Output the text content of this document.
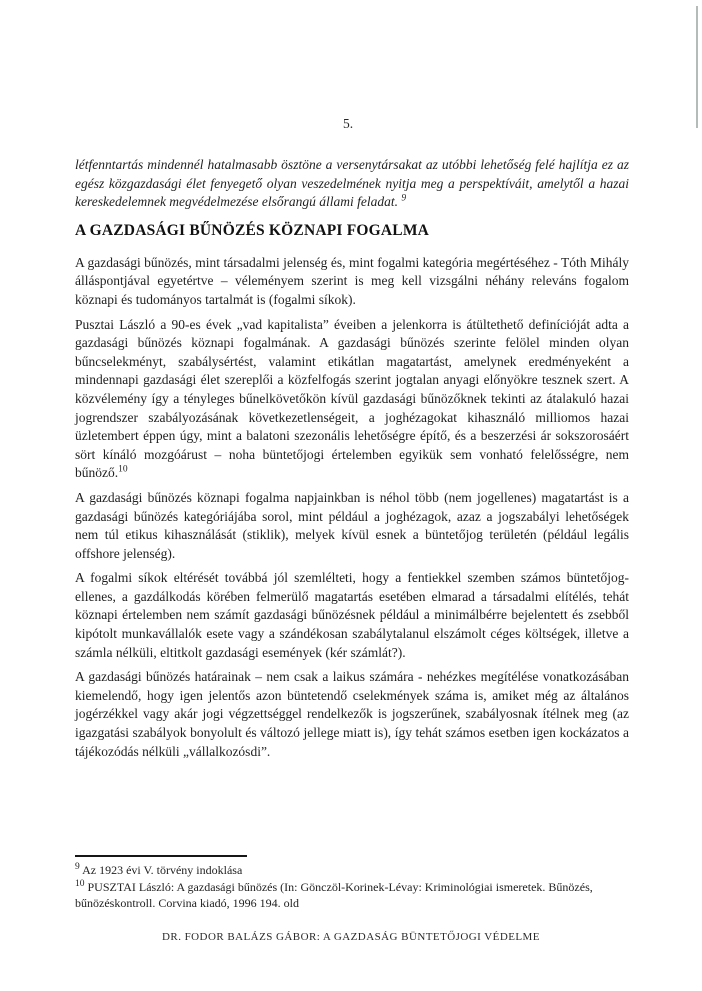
5.

létfenntartás mindennél hatalmasabb ösztöne a versenytársakat az utóbbi lehetőség felé hajlítja ez az egész közgazdasági élet fenyegető olyan veszedelmének nyitja meg a perspektíváit, amelytől a hazai kereskedelemnek megvédelmezése elsőrangú állami feladat. $^9$

A GAZDASÁGI BŰNÖZÉS KÖZNAPI FOGALMA

A gazdasági bűnözés, mint társadalmi jelenség és, mint fogalmi kategória megértéséhez - Tóth Mihály álláspontjával egyetértve – véleményem szerint is meg kell vizsgálni néhány releváns fogalom köznapi és tudományos tartalmát is (fogalmi síkok).

Pusztai László a 90-es évek „vad kapitalista” éveiben a jelenkorra is átültethető definícióját adta a gazdasági bűnözés köznapi fogalmának. A gazdasági bűnözés szerinte felölel minden olyan bűncselekményt, szabálysértést, valamint etikátlan magatartást, amelynek eredményeként a mindennapi gazdasági élet szereplői a közfelfogás szerint jogtalan anyagi előnyökre tesznek szert. A közvélemény így a tényleges bűnelkövetőkön kívül gazdasági bűnözőknek tekinti az átalakuló hazai jogrendszer szabályozásának következetlenségeit, a joghézagokat kihasználó milliomos hazai üzletembert éppen úgy, mint a balatoni szezonális lehetőségre építő, és a beszerzési ár sokszorosáért sört kínáló mozgóárust – noha büntetőjogi értelemben egyikük sem vonható felelősségre, nem bűnöző.$^{10}$

A gazdasági bűnözés köznapi fogalma napjainkban is néhol több (nem jogellenes) magatartást is a gazdasági bűnözés kategóriájába sorol, mint például a joghézagok, azaz a jogszabályi lehetőségek nem túl etikus kihasználását (stiklik), melyek kívül esnek a büntetőjog területén (például legális offshore jelenség).

A fogalmi síkok eltérését továbbá jól szemlélteti, hogy a fentiekkel szemben számos büntetőjog-ellenes, a gazdálkodás körében felmerülő magatartás esetében elmarad a társadalmi elítélés, tehát köznapi értelemben nem számít gazdasági bűnözésnek például a minimálbérre bejelentett és zsebből kipótolt munkavállalók esete vagy a szándékosan szabálytalanul elszámolt céges költségek, illetve a számla nélküli, eltitkolt gazdasági események (kér számlát?).

A gazdasági bűnözés határainak – nem csak a laikus számára - nehézkes megítélése vonatkozásában kiemelendő, hogy igen jelentős azon büntetendő cselekmények száma is, amiket még az általános jogérzékkel vagy akár jogi végzettséggel rendelkezők is jogszerűnek, szabályosnak ítélnek meg (az igazgatási szabályok bonyolult és változó jellege miatt is), így tehát számos esetben igen kockázatos a tájékozódás nélküli „vállalkozósdi”.

$^9$ Az 1923 évi V. törvény indoklása

$^{10}$ PUSZTAI László: A gazdasági bűnözés (In: Gönczöl-Korinek-Lévay: Kriminológiai ismeretek. Bűnözés, bűnözéskontroll. Corvina kiadó, 1996 194. old

DR. FODOR BALÁZS GÁBOR: A GAZDASÁG BÜNTETŐJOGI VÉDELME
